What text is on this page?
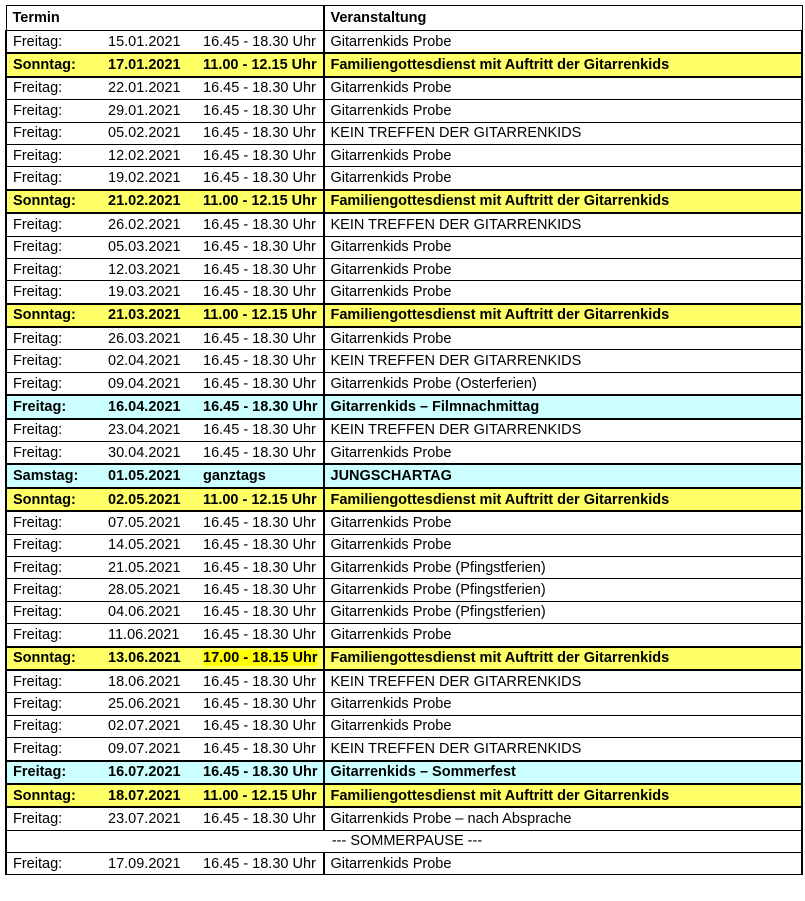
Termin	Veranstaltung
Freitag: 15.01.2021 16.45 - 18.30 Uhr	Gitarrenkids Probe
Sonntag: 17.01.2021 11.00 - 12.15 Uhr	Familiengottesdienst mit Auftritt der Gitarrenkids
Freitag: 22.01.2021 16.45 - 18.30 Uhr	Gitarrenkids Probe
Freitag: 29.01.2021 16.45 - 18.30 Uhr	Gitarrenkids Probe
Freitag: 05.02.2021 16.45 - 18.30 Uhr	KEIN TREFFEN DER GITARRENKIDS
Freitag: 12.02.2021 16.45 - 18.30 Uhr	Gitarrenkids Probe
Freitag: 19.02.2021 16.45 - 18.30 Uhr	Gitarrenkids Probe
Sonntag: 21.02.2021 11.00 - 12.15 Uhr	Familiengottesdienst mit Auftritt der Gitarrenkids
Freitag: 26.02.2021 16.45 - 18.30 Uhr	KEIN TREFFEN DER GITARRENKIDS
Freitag: 05.03.2021 16.45 - 18.30 Uhr	Gitarrenkids Probe
Freitag: 12.03.2021 16.45 - 18.30 Uhr	Gitarrenkids Probe
Freitag: 19.03.2021 16.45 - 18.30 Uhr	Gitarrenkids Probe
Sonntag: 21.03.2021 11.00 - 12.15 Uhr	Familiengottesdienst mit Auftritt der Gitarrenkids
Freitag: 26.03.2021 16.45 - 18.30 Uhr	Gitarrenkids Probe
Freitag: 02.04.2021 16.45 - 18.30 Uhr	KEIN TREFFEN DER GITARRENKIDS
Freitag: 09.04.2021 16.45 - 18.30 Uhr	Gitarrenkids Probe (Osterferien)
Freitag: 16.04.2021 16.45 - 18.30 Uhr	Gitarrenkids – Filmnachmittag
Freitag: 23.04.2021 16.45 - 18.30 Uhr	KEIN TREFFEN DER GITARRENKIDS
Freitag: 30.04.2021 16.45 - 18.30 Uhr	Gitarrenkids Probe
Samstag: 01.05.2021 ganztags	JUNGSCHARTAG
Sonntag: 02.05.2021 11.00 - 12.15 Uhr	Familiengottesdienst mit Auftritt der Gitarrenkids
Freitag: 07.05.2021 16.45 - 18.30 Uhr	Gitarrenkids Probe
Freitag: 14.05.2021 16.45 - 18.30 Uhr	Gitarrenkids Probe
Freitag: 21.05.2021 16.45 - 18.30 Uhr	Gitarrenkids Probe (Pfingstferien)
Freitag: 28.05.2021 16.45 - 18.30 Uhr	Gitarrenkids Probe (Pfingstferien)
Freitag: 04.06.2021 16.45 - 18.30 Uhr	Gitarrenkids Probe (Pfingstferien)
Freitag: 11.06.2021 16.45 - 18.30 Uhr	Gitarrenkids Probe
Sonntag: 13.06.2021 17.00 - 18.15 Uhr	Familiengottesdienst mit Auftritt der Gitarrenkids
Freitag: 18.06.2021 16.45 - 18.30 Uhr	KEIN TREFFEN DER GITARRENKIDS
Freitag: 25.06.2021 16.45 - 18.30 Uhr	Gitarrenkids Probe
Freitag: 02.07.2021 16.45 - 18.30 Uhr	Gitarrenkids Probe
Freitag: 09.07.2021 16.45 - 18.30 Uhr	KEIN TREFFEN DER GITARRENKIDS
Freitag: 16.07.2021 16.45 - 18.30 Uhr	Gitarrenkids – Sommerfest
Sonntag: 18.07.2021 11.00 - 12.15 Uhr	Familiengottesdienst mit Auftritt der Gitarrenkids
Freitag: 23.07.2021 16.45 - 18.30 Uhr	Gitarrenkids Probe – nach Absprache
--- SOMMERPAUSE ---	
Freitag: 17.09.2021 16.45 - 18.30 Uhr	Gitarrenkids Probe
